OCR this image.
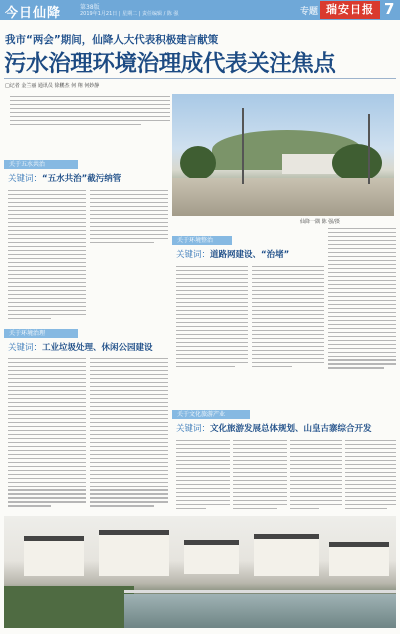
今日仙降	第38版
2019年1月21日 | 星期二 | 责任编辑 / 陈 强	专题 瑞安日报 7
我市“两会”期间，仙降人大代表积极建言献策
污水治理环境治理成代表关注焦点
□记者 金兰丽 通讯员 徐鹏杰 何 翔 何妙静
仙降一隅 陈 强/摄
关于五水共治
关键词：“五水共治”截污纳管
关于环境治理
关键词：工业垃圾处理、休闲公园建设
关于环境整治
关键词：道路网建设、“治堵”
关于文化旅游产业
关键词：文化旅游发展总体规划、山皇古寨综合开发
